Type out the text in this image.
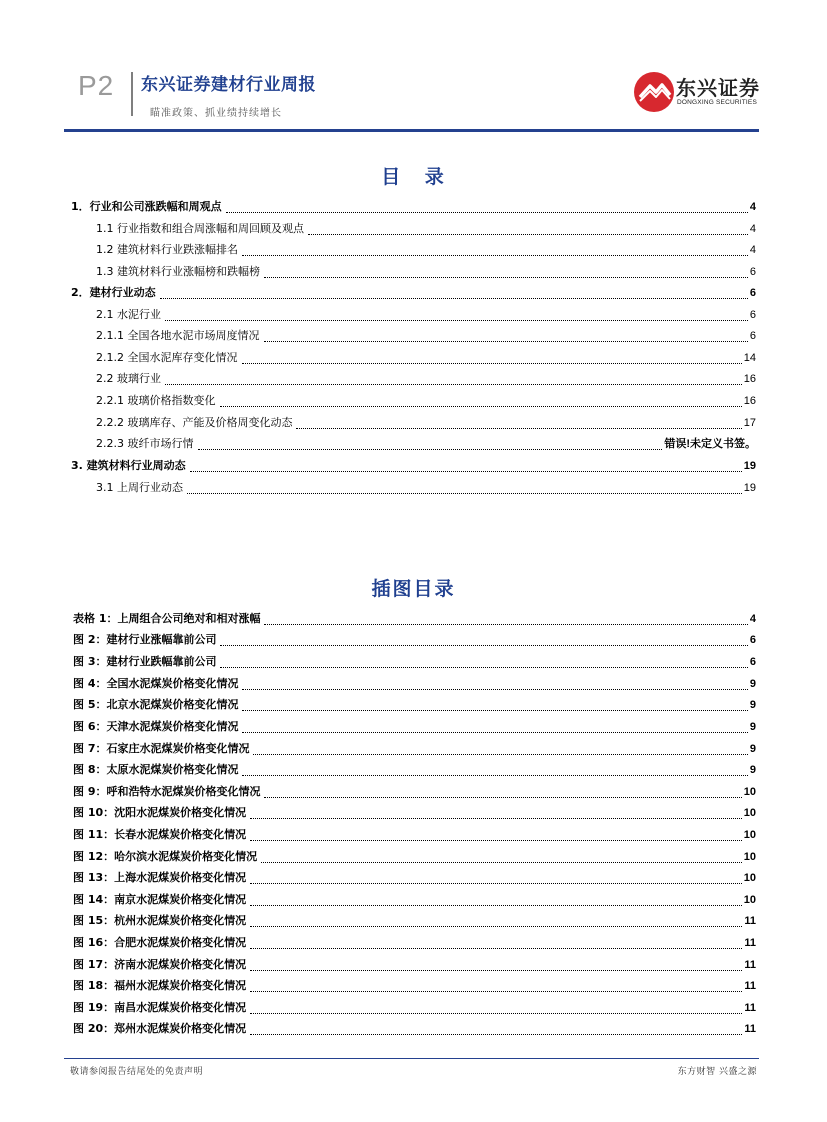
P2 东兴证券建材行业周报
瞄准政策、抓业绩持续增长
东兴证券
DONGXING SECURITIES
目 录
1．行业和公司涨跌幅和周观点	4
1.1 行业指数和组合周涨幅和周回顾及观点	4
1.2 建筑材料行业跌涨幅排名	4
1.3 建筑材料行业涨幅榜和跌幅榜	6
2．建材行业动态	6
2.1 水泥行业	6
2.1.1 全国各地水泥市场周度情况	6
2.1.2 全国水泥库存变化情况	14
2.2 玻璃行业	16
2.2.1 玻璃价格指数变化	16
2.2.2 玻璃库存、产能及价格周变化动态	17
2.2.3 玻纤市场行情	错误!未定义书签。
3. 建筑材料行业周动态	19
3.1 上周行业动态	19
插图目录
表格 1：上周组合公司绝对和相对涨幅	4
图 2：建材行业涨幅靠前公司	6
图 3：建材行业跌幅靠前公司	6
图 4：全国水泥煤炭价格变化情况	9
图 5：北京水泥煤炭价格变化情况	9
图 6：天津水泥煤炭价格变化情况	9
图 7：石家庄水泥煤炭价格变化情况	9
图 8：太原水泥煤炭价格变化情况	9
图 9：呼和浩特水泥煤炭价格变化情况	10
图 10：沈阳水泥煤炭价格变化情况	10
图 11：长春水泥煤炭价格变化情况	10
图 12：哈尔滨水泥煤炭价格变化情况	10
图 13：上海水泥煤炭价格变化情况	10
图 14：南京水泥煤炭价格变化情况	10
图 15：杭州水泥煤炭价格变化情况	11
图 16：合肥水泥煤炭价格变化情况	11
图 17：济南水泥煤炭价格变化情况	11
图 18：福州水泥煤炭价格变化情况	11
图 19：南昌水泥煤炭价格变化情况	11
图 20：郑州水泥煤炭价格变化情况	11
敬请参阅报告结尾处的免责声明	东方财智 兴盛之源
